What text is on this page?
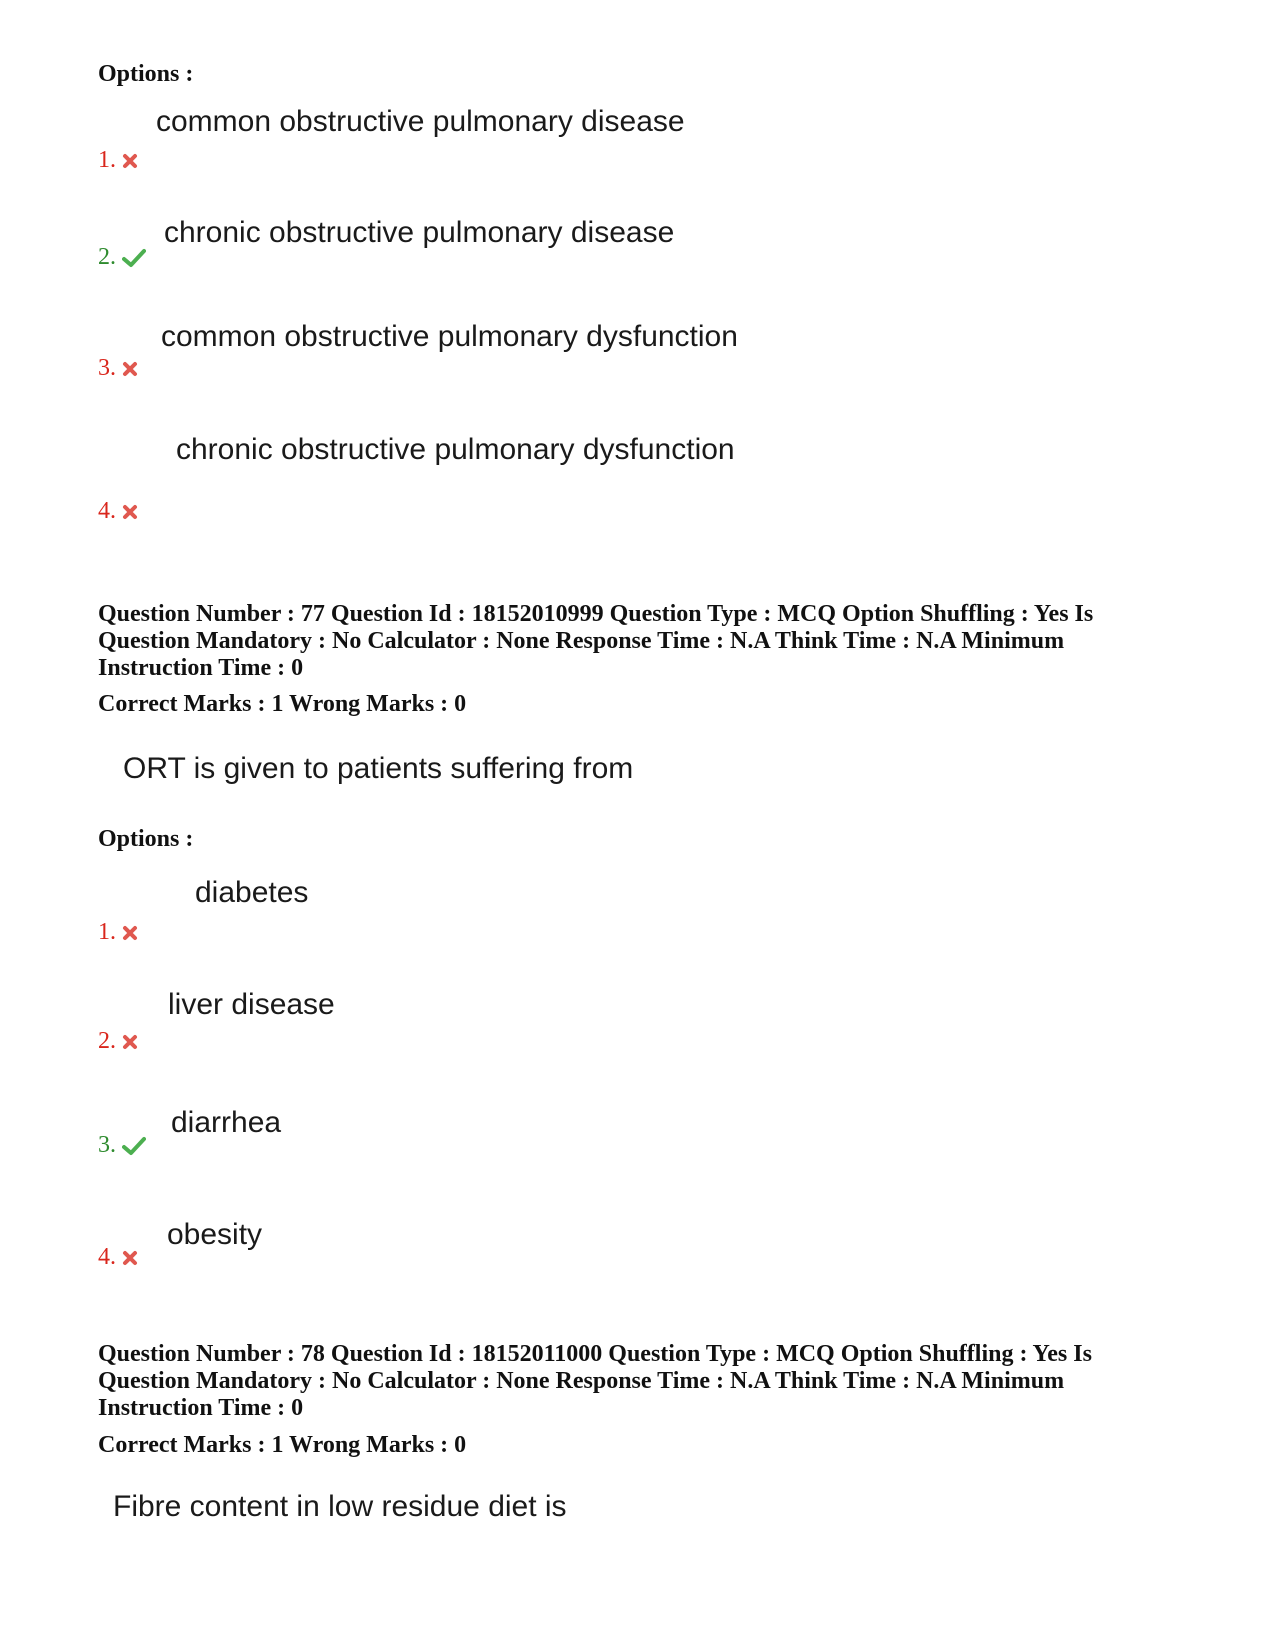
Options :
common obstructive pulmonary disease
1.
chronic obstructive pulmonary disease
2.
common obstructive pulmonary dysfunction
3.
chronic obstructive pulmonary dysfunction
4.
Question Number : 77 Question Id : 18152010999 Question Type : MCQ Option Shuffling : Yes Is
Question Mandatory : No Calculator : None Response Time : N.A Think Time : N.A Minimum
Instruction Time : 0
Correct Marks : 1 Wrong Marks : 0
ORT is given to patients suffering from
Options :
diabetes
1.
liver disease
2.
diarrhea
3.
obesity
4.
Question Number : 78 Question Id : 18152011000 Question Type : MCQ Option Shuffling : Yes Is
Question Mandatory : No Calculator : None Response Time : N.A Think Time : N.A Minimum
Instruction Time : 0
Correct Marks : 1 Wrong Marks : 0
Fibre content in low residue diet is
